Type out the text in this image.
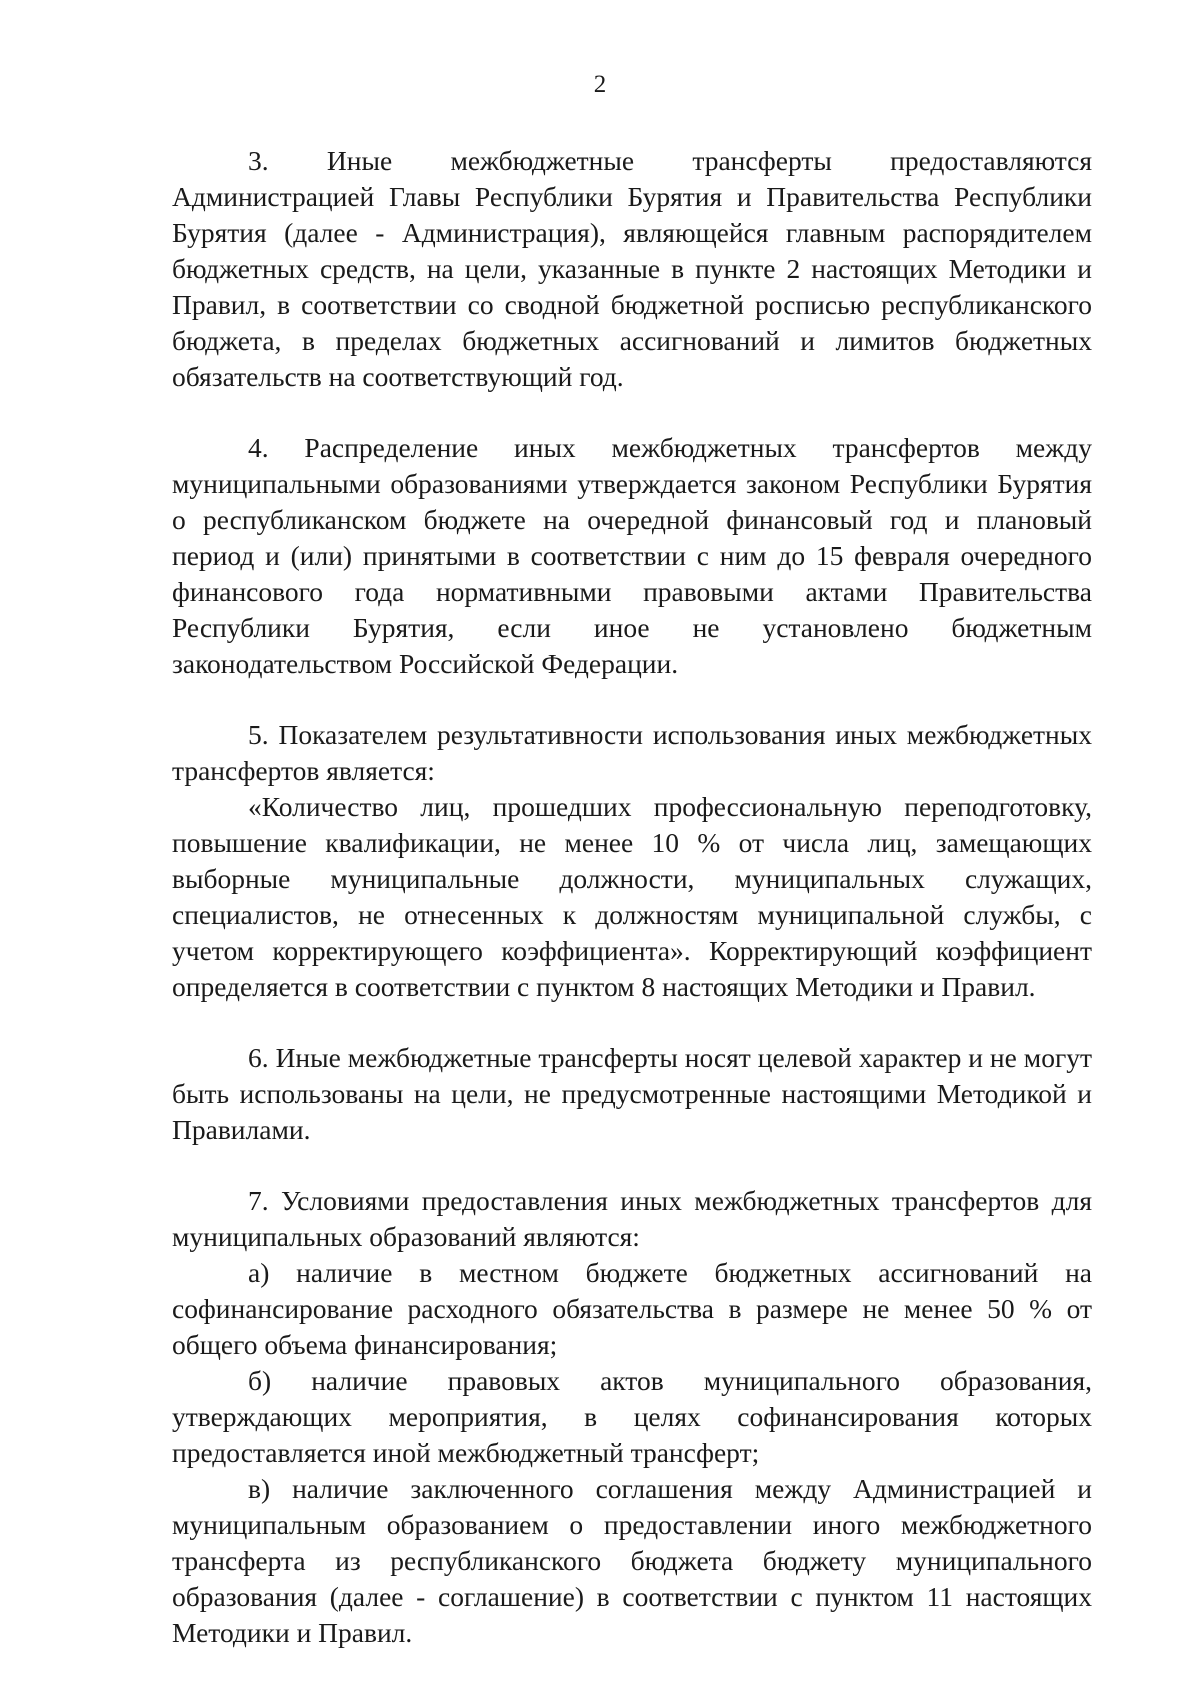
2

3. Иные межбюджетные трансферты предоставляются Администрацией Главы Республики Бурятия и Правительства Республики Бурятия (далее - Администрация), являющейся главным распорядителем бюджетных средств, на цели, указанные в пункте 2 настоящих Методики и Правил, в соответствии со сводной бюджетной росписью республиканского бюджета, в пределах бюджетных ассигнований и лимитов бюджетных обязательств на соответствующий год.

4. Распределение иных межбюджетных трансфертов между муниципальными образованиями утверждается законом Республики Бурятия о республиканском бюджете на очередной финансовый год и плановый период и (или) принятыми в соответствии с ним до 15 февраля очередного финансового года нормативными правовыми актами Правительства Республики Бурятия, если иное не установлено бюджетным законодательством Российской Федерации.

5. Показателем результативности использования иных межбюджетных трансфертов является:

«Количество лиц, прошедших профессиональную переподготовку, повышение квалификации, не менее 10 % от числа лиц, замещающих выборные муниципальные должности, муниципальных служащих, специалистов, не отнесенных к должностям муниципальной службы, с учетом корректирующего коэффициента». Корректирующий коэффициент определяется в соответствии с пунктом 8 настоящих Методики и Правил.

6. Иные межбюджетные трансферты носят целевой характер и не могут быть использованы на цели, не предусмотренные настоящими Методикой и Правилами.

7. Условиями предоставления иных межбюджетных трансфертов для муниципальных образований являются:

а) наличие в местном бюджете бюджетных ассигнований на софинансирование расходного обязательства в размере не менее 50 % от общего объема финансирования;

б) наличие правовых актов муниципального образования, утверждающих мероприятия, в целях софинансирования которых предоставляется иной межбюджетный трансферт;

в) наличие заключенного соглашения между Администрацией и муниципальным образованием о предоставлении иного межбюджетного трансферта из республиканского бюджета бюджету муниципального образования (далее - соглашение) в соответствии с пунктом 11 настоящих Методики и Правил.
